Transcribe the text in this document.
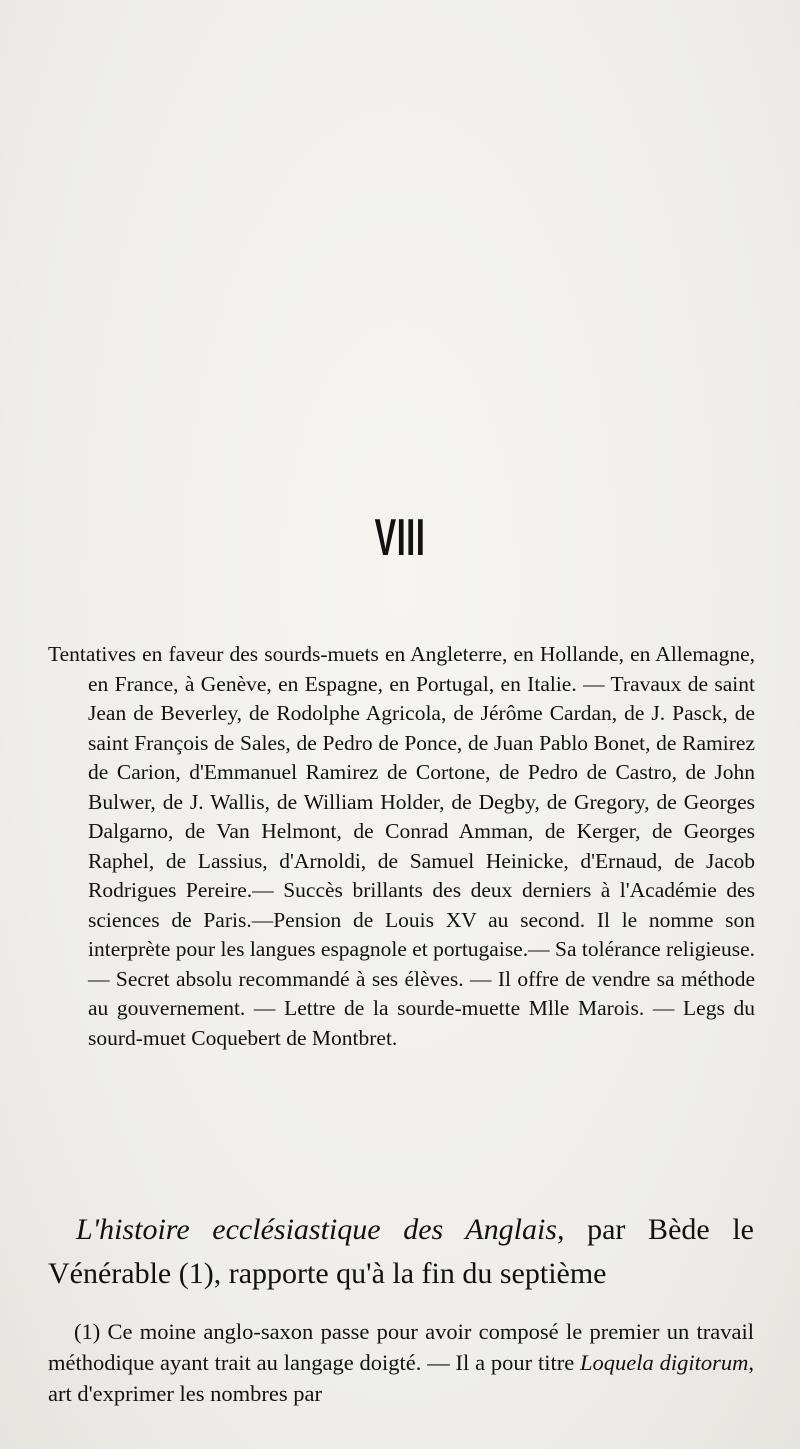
VIII

Tentatives en faveur des sourds-muets en Angleterre, en Hollande, en Allemagne, en France, à Genève, en Espagne, en Portugal, en Italie. — Travaux de saint Jean de Beverley, de Rodolphe Agricola, de Jérôme Cardan, de J. Pasck, de saint François de Sales, de Pedro de Ponce, de Juan Pablo Bonet, de Ramirez de Carion, d'Emmanuel Ramirez de Cortone, de Pedro de Castro, de John Bulwer, de J. Wallis, de William Holder, de Degby, de Gregory, de Georges Dalgarno, de Van Helmont, de Conrad Amman, de Kerger, de Georges Raphel, de Lassius, d'Arnoldi, de Samuel Heinicke, d'Ernaud, de Jacob Rodrigues Pereire.— Succès brillants des deux derniers à l'Académie des sciences de Paris.—Pension de Louis XV au second. Il le nomme son interprète pour les langues espagnole et portugaise.— Sa tolérance religieuse. — Secret absolu recommandé à ses élèves. — Il offre de vendre sa méthode au gouvernement. — Lettre de la sourde-muette Mlle Marois. — Legs du sourd-muet Coquebert de Montbret.

L'histoire ecclésiastique des Anglais, par Bède le Vénérable (1), rapporte qu'à la fin du septième

(1) Ce moine anglo-saxon passe pour avoir composé le premier un travail méthodique ayant trait au langage doigté. — Il a pour titre Loquela digitorum, art d'exprimer les nombres par
